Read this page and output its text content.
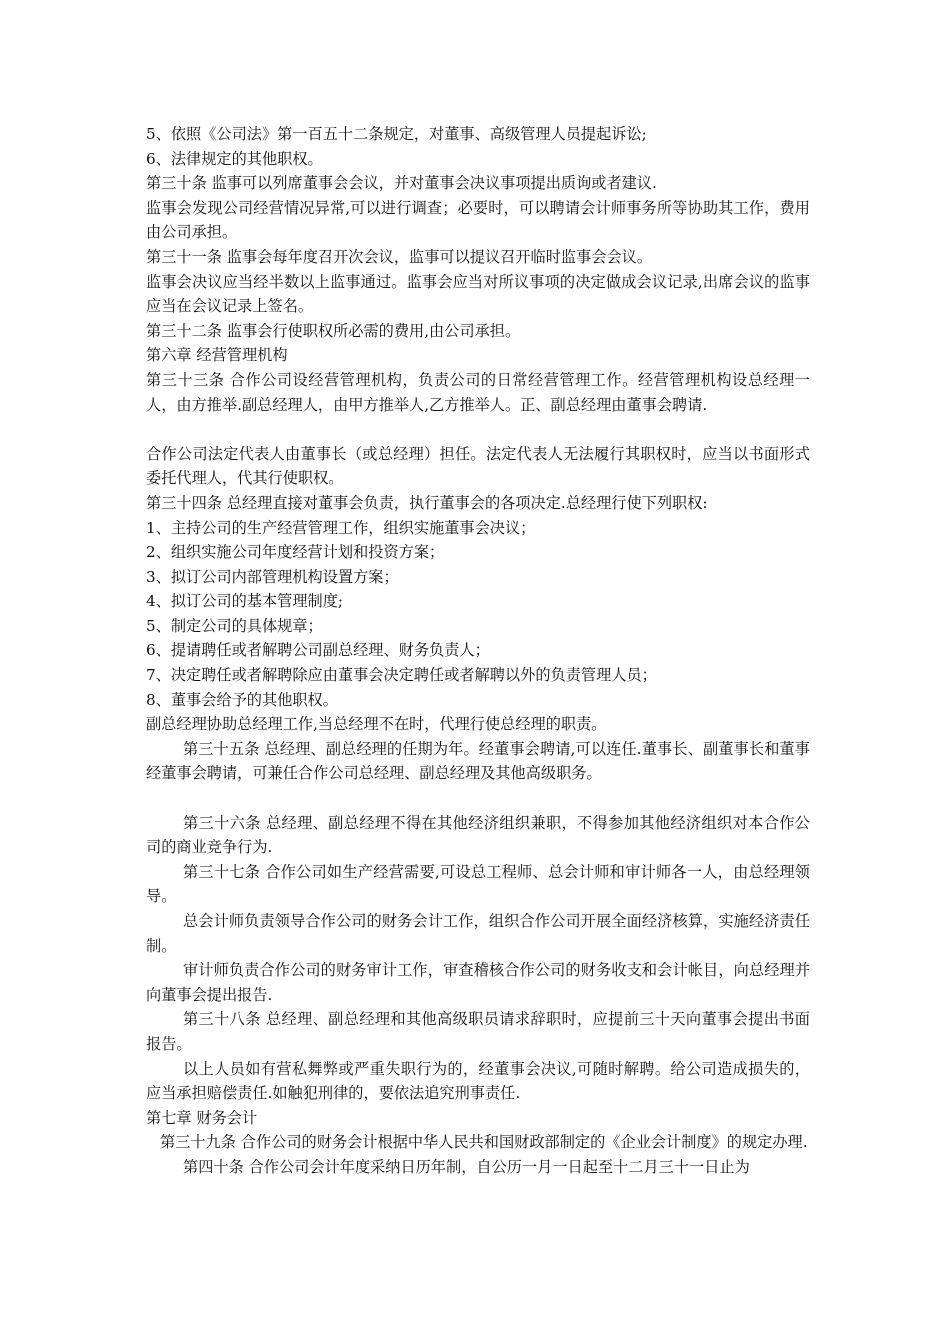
5、依照《公司法》第一百五十二条规定，对董事、高级管理人员提起诉讼;

6、法律规定的其他职权。

第三十条 监事可以列席董事会会议，并对董事会决议事项提出质询或者建议.

监事会发现公司经营情况异常,可以进行调查；必要时，可以聘请会计师事务所等协助其工作，费用由公司承担。

第三十一条 监事会每年度召开次会议，监事可以提议召开临时监事会会议。

监事会决议应当经半数以上监事通过。监事会应当对所议事项的决定做成会议记录,出席会议的监事应当在会议记录上签名。

第三十二条 监事会行使职权所必需的费用,由公司承担。

第六章 经营管理机构

第三十三条 合作公司设经营管理机构，负责公司的日常经营管理工作。经营管理机构设总经理一人，由方推举.副总经理人，由甲方推举人,乙方推举人。正、副总经理由董事会聘请.

合作公司法定代表人由董事长（或总经理）担任。法定代表人无法履行其职权时，应当以书面形式委托代理人，代其行使职权。

第三十四条 总经理直接对董事会负责，执行董事会的各项决定.总经理行使下列职权:

1、主持公司的生产经营管理工作，组织实施董事会决议；

2、组织实施公司年度经营计划和投资方案；

3、拟订公司内部管理机构设置方案；

4、拟订公司的基本管理制度;

5、制定公司的具体规章；

6、提请聘任或者解聘公司副总经理、财务负责人；

7、决定聘任或者解聘除应由董事会决定聘任或者解聘以外的负责管理人员；

8、董事会给予的其他职权。

副总经理协助总经理工作,当总经理不在时，代理行使总经理的职责。

第三十五条 总经理、副总经理的任期为年。经董事会聘请,可以连任.董事长、副董事长和董事经董事会聘请，可兼任合作公司总经理、副总经理及其他高级职务。

第三十六条 总经理、副总经理不得在其他经济组织兼职，不得参加其他经济组织对本合作公司的商业竞争行为.

第三十七条 合作公司如生产经营需要,可设总工程师、总会计师和审计师各一人，由总经理领导。

总会计师负责领导合作公司的财务会计工作，组织合作公司开展全面经济核算，实施经济责任制。

审计师负责合作公司的财务审计工作，审查稽核合作公司的财务收支和会计帐目，向总经理并向董事会提出报告.

第三十八条 总经理、副总经理和其他高级职员请求辞职时，应提前三十天向董事会提出书面报告。

以上人员如有营私舞弊或严重失职行为的，经董事会决议,可随时解聘。给公司造成损失的，应当承担赔偿责任.如触犯刑律的，要依法追究刑事责任.

第七章 财务会计

第三十九条 合作公司的财务会计根据中华人民共和国财政部制定的《企业会计制度》的规定办理.

第四十条 合作公司会计年度采纳日历年制，自公历一月一日起至十二月三十一日止为
